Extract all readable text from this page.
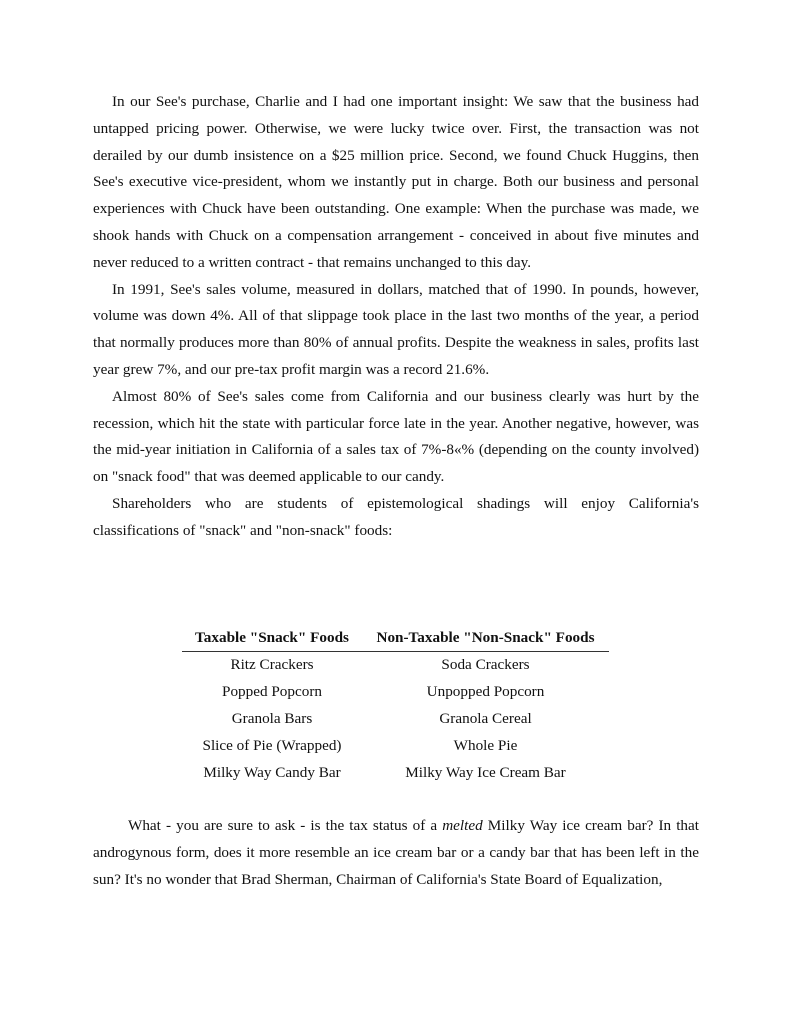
In our See's purchase, Charlie and I had one important insight: We saw that the business had untapped pricing power. Otherwise, we were lucky twice over. First, the transaction was not derailed by our dumb insistence on a $25 million price. Second, we found Chuck Huggins, then See's executive vice-president, whom we instantly put in charge. Both our business and personal experiences with Chuck have been outstanding. One example: When the purchase was made, we shook hands with Chuck on a compensation arrangement - conceived in about five minutes and never reduced to a written contract - that remains unchanged to this day.

In 1991, See's sales volume, measured in dollars, matched that of 1990. In pounds, however, volume was down 4%. All of that slippage took place in the last two months of the year, a period that normally produces more than 80% of annual profits. Despite the weakness in sales, profits last year grew 7%, and our pre-tax profit margin was a record 21.6%.

Almost 80% of See's sales come from California and our business clearly was hurt by the recession, which hit the state with particular force late in the year. Another negative, however, was the mid-year initiation in California of a sales tax of 7%-8«% (depending on the county involved) on "snack food" that was deemed applicable to our candy.

Shareholders who are students of epistemological shadings will enjoy California's classifications of "snack" and "non-snack" foods:

Taxable "Snack" Foods	Non-Taxable "Non-Snack" Foods
Ritz Crackers	Soda Crackers
Popped Popcorn	Unpopped Popcorn
Granola Bars	Granola Cereal
Slice of Pie (Wrapped)	Whole Pie
Milky Way Candy Bar	Milky Way Ice Cream Bar

What - you are sure to ask - is the tax status of a melted Milky Way ice cream bar? In that androgynous form, does it more resemble an ice cream bar or a candy bar that has been left in the sun? It's no wonder that Brad Sherman, Chairman of California's State Board of Equalization,
